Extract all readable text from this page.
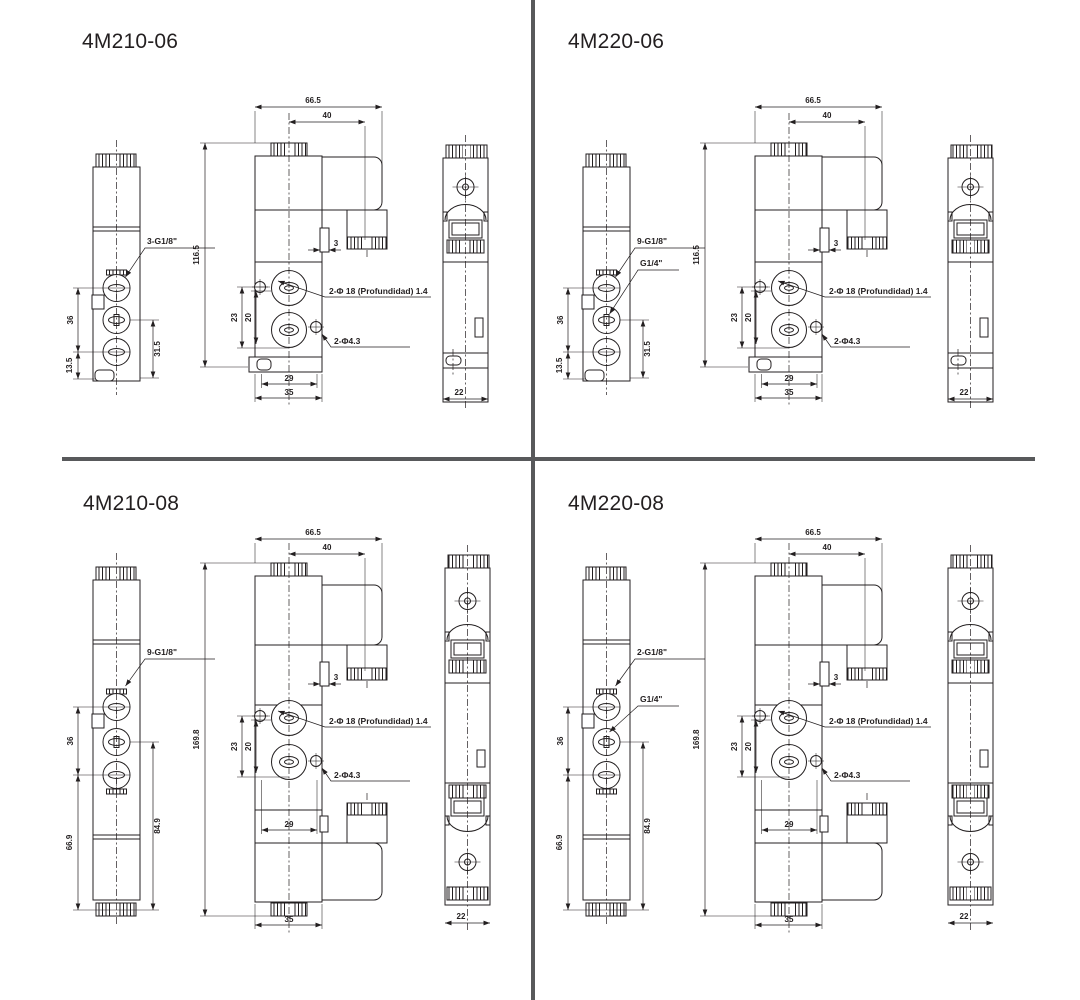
4M210-06	4M220-06
4M210-08	4M220-08
36
13.5
31.5
3-G1/8"	3
66.5
40
116.5
23 20
2-Φ 18 (Profundidad) 1.4
2-Φ4.3
29
35	22
36
13.5
31.5
9-G1/8"
G1/4"
3
66.5
40
116.5
23 20
2-Φ 18 (Profundidad) 1.4
2-Φ4.3
29
35	22
36
66.9
84.9
9-G1/8"
3
66.5
40
169.8	23 20
2-Φ 18 (Profundidad) 1.4
2-Φ4.3
29
35	22
36
66.9
84.9
2-G1/8"
G1/4"
3
66.5
40
169.8	23 20
2-Φ 18 (Profundidad) 1.4
2-Φ4.3
29
35	22
